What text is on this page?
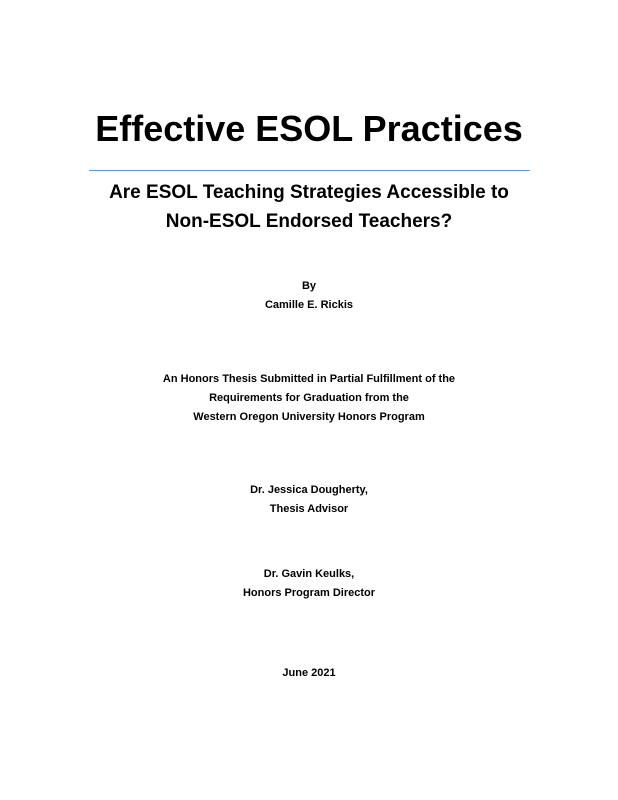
Effective ESOL Practices
Are ESOL Teaching Strategies Accessible to
Non-ESOL Endorsed Teachers?
By
Camille E. Rickis
An Honors Thesis Submitted in Partial Fulfillment of the
Requirements for Graduation from the
Western Oregon University Honors Program
Dr. Jessica Dougherty,
Thesis Advisor
Dr. Gavin Keulks,
Honors Program Director
June 2021
